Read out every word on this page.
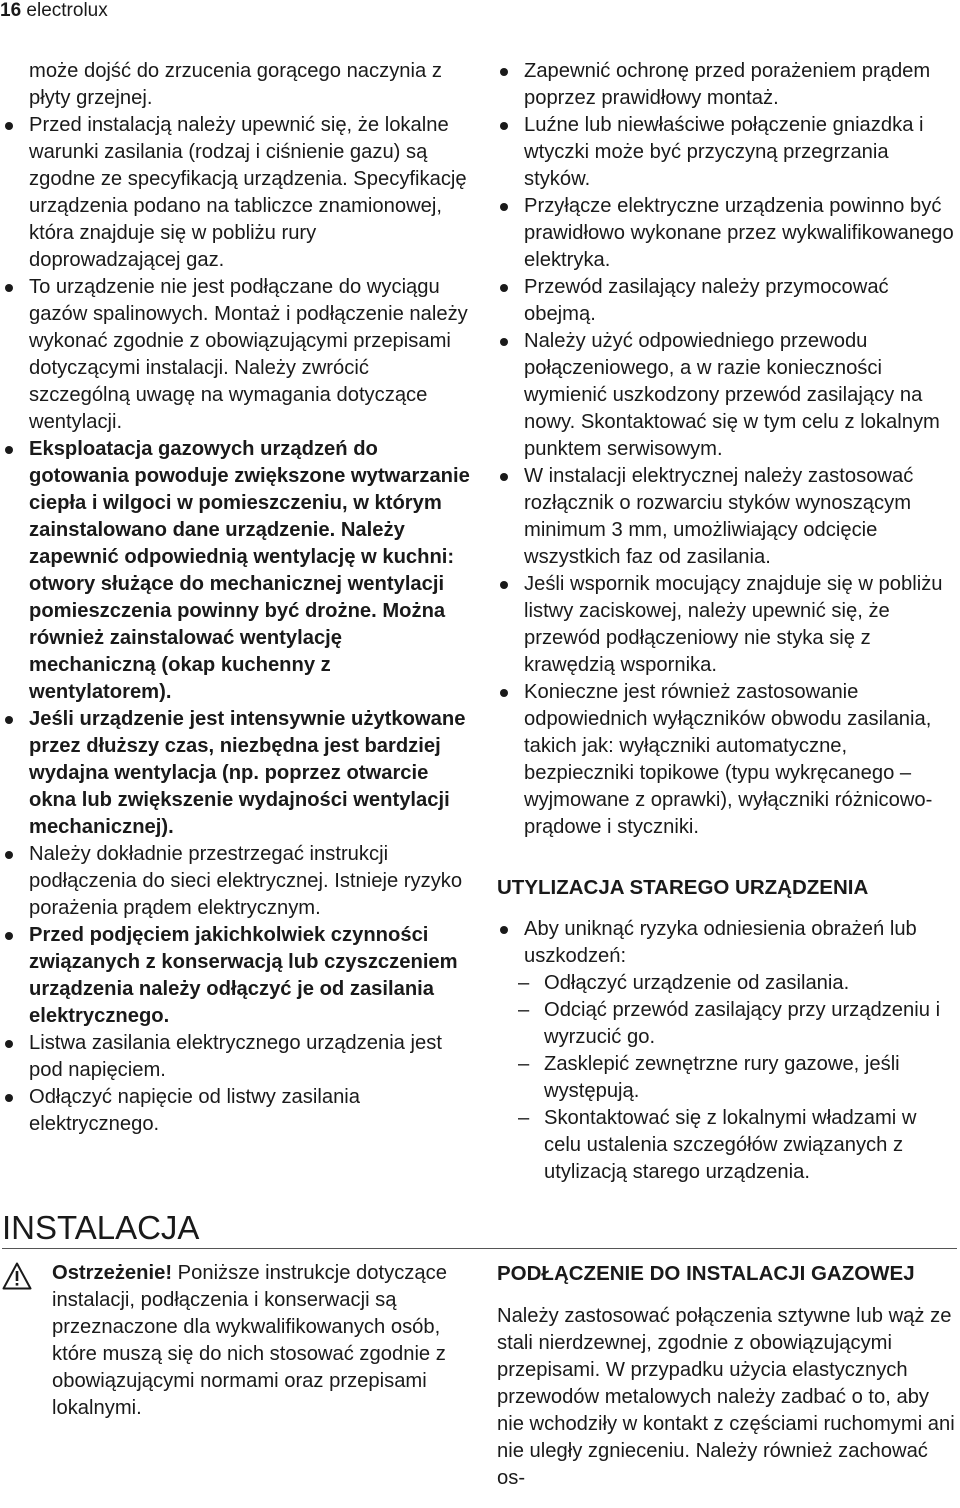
16 electrolux

może dojść do zrzucenia gorącego naczynia z płyty grzejnej.

Przed instalacją należy upewnić się, że lokalne warunki zasilania (rodzaj i ciśnienie gazu) są zgodne ze specyfikacją urządzenia. Specyfikację urządzenia podano na tabliczce znamionowej, która znajduje się w pobliżu rury doprowadzającej gaz.
To urządzenie nie jest podłączane do wyciągu gazów spalinowych. Montaż i podłączenie należy wykonać zgodnie z obowiązującymi przepisami dotyczącymi instalacji. Należy zwrócić szczególną uwagę na wymagania dotyczące wentylacji.
Eksploatacja gazowych urządzeń do gotowania powoduje zwiększone wytwarzanie ciepła i wilgoci w pomieszczeniu, w którym zainstalowano dane urządzenie. Należy zapewnić odpowiednią wentylację w kuchni: otwory służące do mechanicznej wentylacji pomieszczenia powinny być drożne. Można również zainstalować wentylację mechaniczną (okap kuchenny z wentylatorem).
Jeśli urządzenie jest intensywnie użytkowane przez dłuższy czas, niezbędna jest bardziej wydajna wentylacja (np. poprzez otwarcie okna lub zwiększenie wydajności wentylacji mechanicznej).
Należy dokładnie przestrzegać instrukcji podłączenia do sieci elektrycznej. Istnieje ryzyko porażenia prądem elektrycznym.
Przed podjęciem jakichkolwiek czynności związanych z konserwacją lub czyszczeniem urządzenia należy odłączyć je od zasilania elektrycznego.
Listwa zasilania elektrycznego urządzenia jest pod napięciem.
Odłączyć napięcie od listwy zasilania elektrycznego.
Zapewnić ochronę przed porażeniem prądem poprzez prawidłowy montaż.
Luźne lub niewłaściwe połączenie gniazdka i wtyczki może być przyczyną przegrzania styków.
Przyłącze elektryczne urządzenia powinno być prawidłowo wykonane przez wykwalifikowanego elektryka.
Przewód zasilający należy przymocować obejmą.
Należy użyć odpowiedniego przewodu połączeniowego, a w razie konieczności wymienić uszkodzony przewód zasilający na nowy. Skontaktować się w tym celu z lokalnym punktem serwisowym.
W instalacji elektrycznej należy zastosować rozłącznik o rozwarciu styków wynoszącym minimum 3 mm, umożliwiający odcięcie wszystkich faz od zasilania.
Jeśli wspornik mocujący znajduje się w pobliżu listwy zaciskowej, należy upewnić się, że przewód podłączeniowy nie styka się z krawędzią wspornika.
Konieczne jest również zastosowanie odpowiednich wyłączników obwodu zasilania, takich jak: wyłączniki automatyczne, bezpieczniki topikowe (typu wykręcanego – wyjmowane z oprawki), wyłączniki różnicowo-prądowe i styczniki.
UTYLIZACJA STAREGO URZĄDZENIA
Aby uniknąć ryzyka odniesienia obrażeń lub uszkodzeń:
– Odłączyć urządzenie od zasilania.
– Odciąć przewód zasilający przy urządzeniu i wyrzucić go.
– Zasklepić zewnętrzne rury gazowe, jeśli występują.
– Skontaktować się z lokalnymi władzami w celu ustalenia szczegółów związanych z utylizacją starego urządzenia.
INSTALACJA

Ostrzeżenie! Poniższe instrukcje dotyczące instalacji, podłączenia i konserwacji są przeznaczone dla wykwalifikowanych osób, które muszą się do nich stosować zgodnie z obowiązującymi normami oraz przepisami lokalnymi.

PODŁĄCZENIE DO INSTALACJI GAZOWEJ

Należy zastosować połączenia sztywne lub wąż ze stali nierdzewnej, zgodnie z obowiązującymi przepisami. W przypadku użycia elastycznych przewodów metalowych należy zadbać o to, aby nie wchodziły w kontakt z częściami ruchomymi ani nie uległy zgnieceniu. Należy również zachować os-
